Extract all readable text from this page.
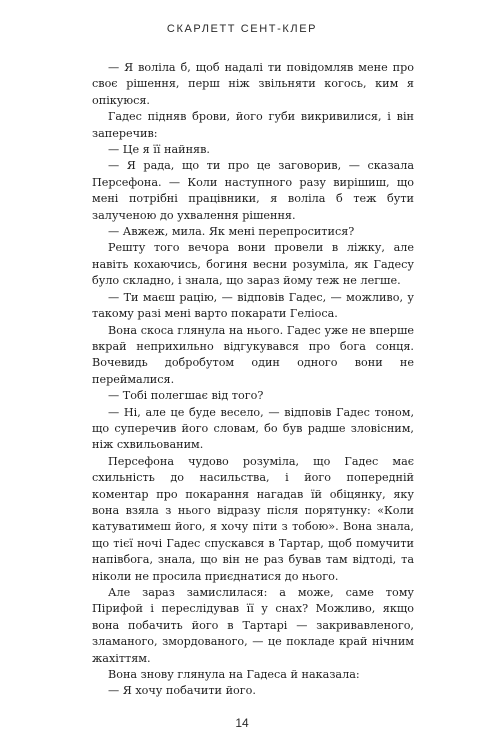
СКАРЛЕТТ СЕНТ-КЛЕР

— Я воліла б, щоб надалі ти повідомляв мене про своє рішення, перш ніж звільняти когось, ким я опікуюся.

Гадес підняв брови, його губи викривилися, і він заперечив:

— Це я її найняв.

— Я рада, що ти про це заговорив, — сказала Персефона. — Коли наступного разу вирішиш, що мені потрібні працівники, я воліла б теж бути залученою до ухвалення рішення.

— Авжеж, мила. Як мені перепроситися?

Решту того вечора вони провели в ліжку, але навіть кохаючись, богиня весни розуміла, як Гадесу було складно, і знала, що зараз йому теж не легше.

— Ти маєш рацію, — відповів Гадес, — можливо, у такому разі мені варто покарати Геліоса.

Вона скоса глянула на нього. Гадес уже не вперше вкрай неприхильно відгукувався про бога сонця. Вочевидь добробутом один одного вони не переймалися.

— Тобі полегшає від того?

— Ні, але це буде весело, — відповів Гадес тоном, що суперечив його словам, бо був радше зловісним, ніж схвильованим.

Персефона чудово розуміла, що Гадес має схильність до насильства, і його попередній коментар про покарання нагадав їй обіцянку, яку вона взяла з нього відразу після порятунку: «Коли катуватимеш його, я хочу піти з тобою». Вона знала, що тієї ночі Гадес спускався в Тартар, щоб помучити напівбога, знала, що він не раз бував там відтоді, та ніколи не просила приєднатися до нього.

Але зараз замислилася: а може, саме тому Пірифой і переслідував її у снах? Можливо, якщо вона побачить його в Тартарі — закривавленого, зламаного, змордованого, — це покладе край нічним жахіттям.

Вона знову глянула на Гадеса й наказала:

— Я хочу побачити його.

14
